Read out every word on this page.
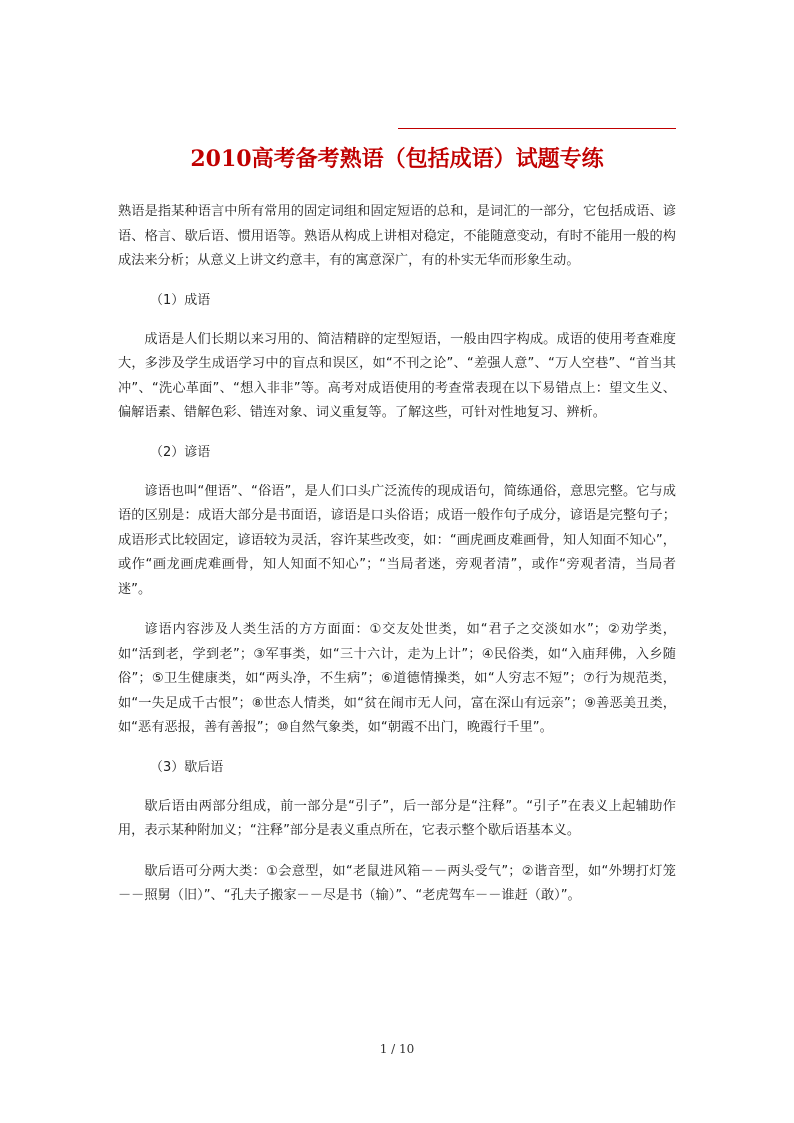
2010高考备考熟语（包括成语）试题专练

熟语是指某种语言中所有常用的固定词组和固定短语的总和，是词汇的一部分，它包括成语、谚语、格言、歇后语、惯用语等。熟语从构成上讲相对稳定，不能随意变动，有时不能用一般的构成法来分析；从意义上讲文约意丰，有的寓意深广，有的朴实无华而形象生动。

（1）成语

成语是人们长期以来习用的、简洁精辟的定型短语，一般由四字构成。成语的使用考查难度大，多涉及学生成语学习中的盲点和误区，如“不刊之论”、“差强人意”、“万人空巷”、“首当其冲”、“洗心革面”、“想入非非”等。高考对成语使用的考查常表现在以下易错点上：望文生义、偏解语素、错解色彩、错连对象、词义重复等。了解这些，可针对性地复习、辨析。

（2）谚语

谚语也叫“俚语”、“俗语”，是人们口头广泛流传的现成语句，简练通俗，意思完整。它与成语的区别是：成语大部分是书面语，谚语是口头俗语；成语一般作句子成分，谚语是完整句子；成语形式比较固定，谚语较为灵活，容许某些改变，如：“画虎画皮难画骨，知人知面不知心”，或作“画龙画虎难画骨，知人知面不知心”；“当局者迷，旁观者清”，或作“旁观者清，当局者迷”。

谚语内容涉及人类生活的方方面面：①交友处世类，如“君子之交淡如水”；②劝学类，如“活到老，学到老”；③军事类，如“三十六计，走为上计”；④民俗类，如“入庙拜佛，入乡随俗”；⑤卫生健康类，如“两头净，不生病”；⑥道德情操类，如“人穷志不短”；⑦行为规范类，如“一失足成千古恨”；⑧世态人情类，如“贫在闹市无人问，富在深山有远亲”；⑨善恶美丑类，如“恶有恶报，善有善报”；⑩自然气象类，如“朝霞不出门，晚霞行千里”。

（3）歇后语

歇后语由两部分组成，前一部分是“引子”，后一部分是“注释”。“引子”在表义上起辅助作用，表示某种附加义；“注释”部分是表义重点所在，它表示整个歇后语基本义。

歇后语可分两大类：①会意型，如“老鼠进风箱－－两头受气”；②谐音型，如“外甥打灯笼－－照舅（旧）”、“孔夫子搬家－－尽是书（输）”、“老虎驾车－－谁赶（敢）”。

1 / 10
